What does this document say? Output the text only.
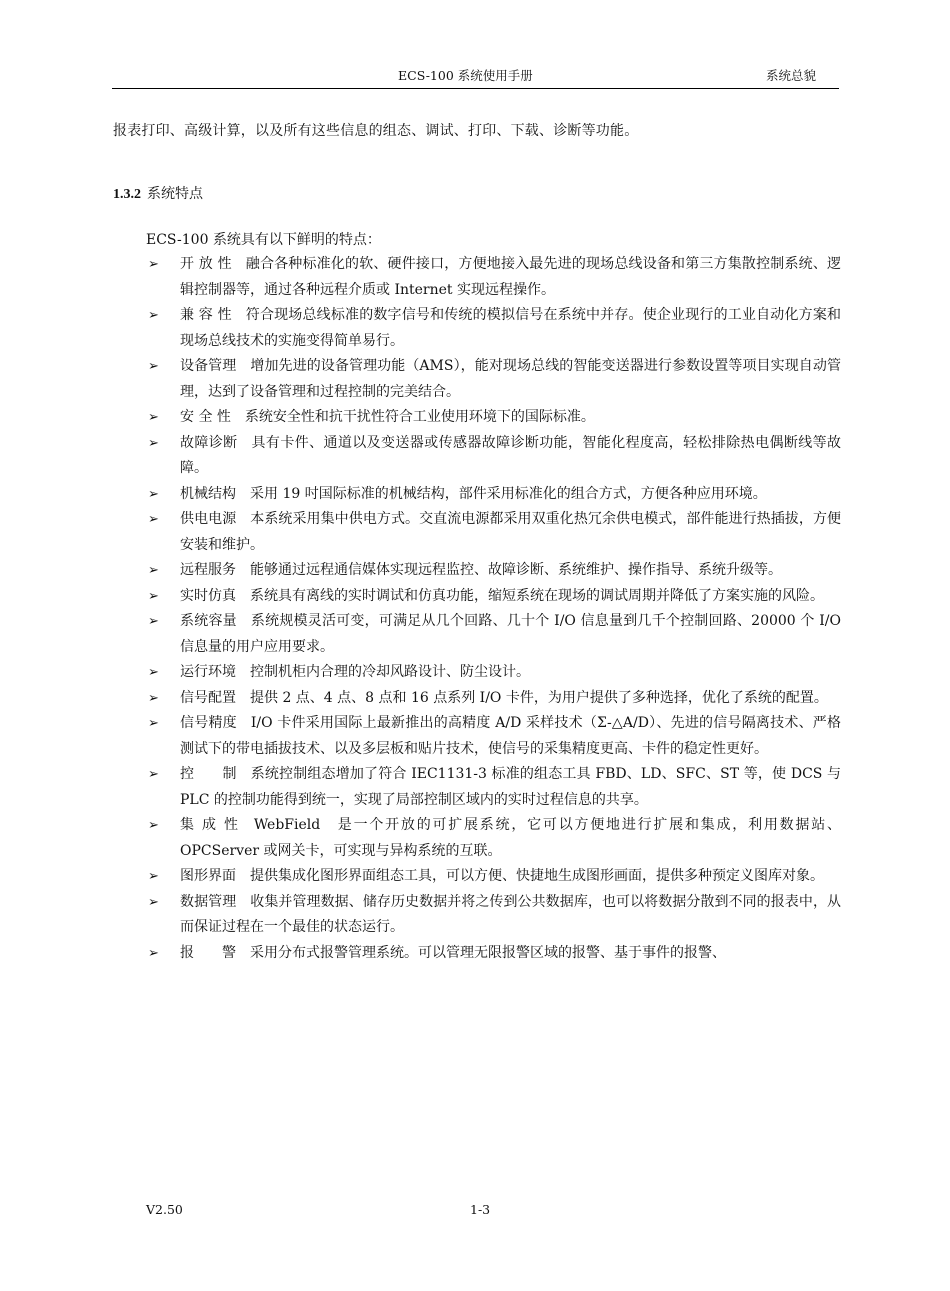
ECS-100 系统使用手册	系统总貌
报表打印、高级计算，以及所有这些信息的组态、调试、打印、下载、诊断等功能。
1.3.2 系统特点
ECS-100 系统具有以下鲜明的特点：
➢ 开 放 性 融合各种标准化的软、硬件接口，方便地接入最先进的现场总线设备和第三方集散控制系统、逻辑控制器等，通过各种远程介质或 Internet 实现远程操作。
➢ 兼 容 性 符合现场总线标准的数字信号和传统的模拟信号在系统中并存。使企业现行的工业自动化方案和现场总线技术的实施变得简单易行。
➢ 设备管理 增加先进的设备管理功能（AMS），能对现场总线的智能变送器进行参数设置等项目实现自动管理，达到了设备管理和过程控制的完美结合。
➢ 安 全 性 系统安全性和抗干扰性符合工业使用环境下的国际标准。
➢ 故障诊断 具有卡件、通道以及变送器或传感器故障诊断功能，智能化程度高，轻松排除热电偶断线等故障。
➢ 机械结构 采用 19 吋国际标准的机械结构，部件采用标准化的组合方式，方便各种应用环境。
➢ 供电电源 本系统采用集中供电方式。交直流电源都采用双重化热冗余供电模式，部件能进行热插拔，方便安装和维护。
➢ 远程服务 能够通过远程通信媒体实现远程监控、故障诊断、系统维护、操作指导、系统升级等。
➢ 实时仿真 系统具有离线的实时调试和仿真功能，缩短系统在现场的调试周期并降低了方案实施的风险。
➢ 系统容量 系统规模灵活可变，可满足从几个回路、几十个 I/O 信息量到几千个控制回路、20000 个 I/O 信息量的用户应用要求。
➢ 运行环境 控制机柜内合理的冷却风路设计、防尘设计。
➢ 信号配置 提供 2 点、4 点、8 点和 16 点系列 I/O 卡件，为用户提供了多种选择，优化了系统的配置。
➢ 信号精度 I/O 卡件采用国际上最新推出的高精度 A/D 采样技术（Σ-△A/D）、先进的信号隔离技术、严格测试下的带电插拔技术、以及多层板和贴片技术，使信号的采集精度更高、卡件的稳定性更好。
➢ 控　　制 系统控制组态增加了符合 IEC1131-3 标准的组态工具 FBD、LD、SFC、ST 等，使 DCS 与 PLC 的控制功能得到统一，实现了局部控制区域内的实时过程信息的共享。
➢ 集 成 性 WebField　是一个开放的可扩展系统，它可以方便地进行扩展和集成，利用数据站、OPCServer 或网关卡，可实现与异构系统的互联。
➢ 图形界面 提供集成化图形界面组态工具，可以方便、快捷地生成图形画面，提供多种预定义图库对象。
➢ 数据管理 收集并管理数据、储存历史数据并将之传到公共数据库，也可以将数据分散到不同的报表中，从而保证过程在一个最佳的状态运行。
➢ 报　　警 采用分布式报警管理系统。可以管理无限报警区域的报警、基于事件的报警、
V2.50	1-3
